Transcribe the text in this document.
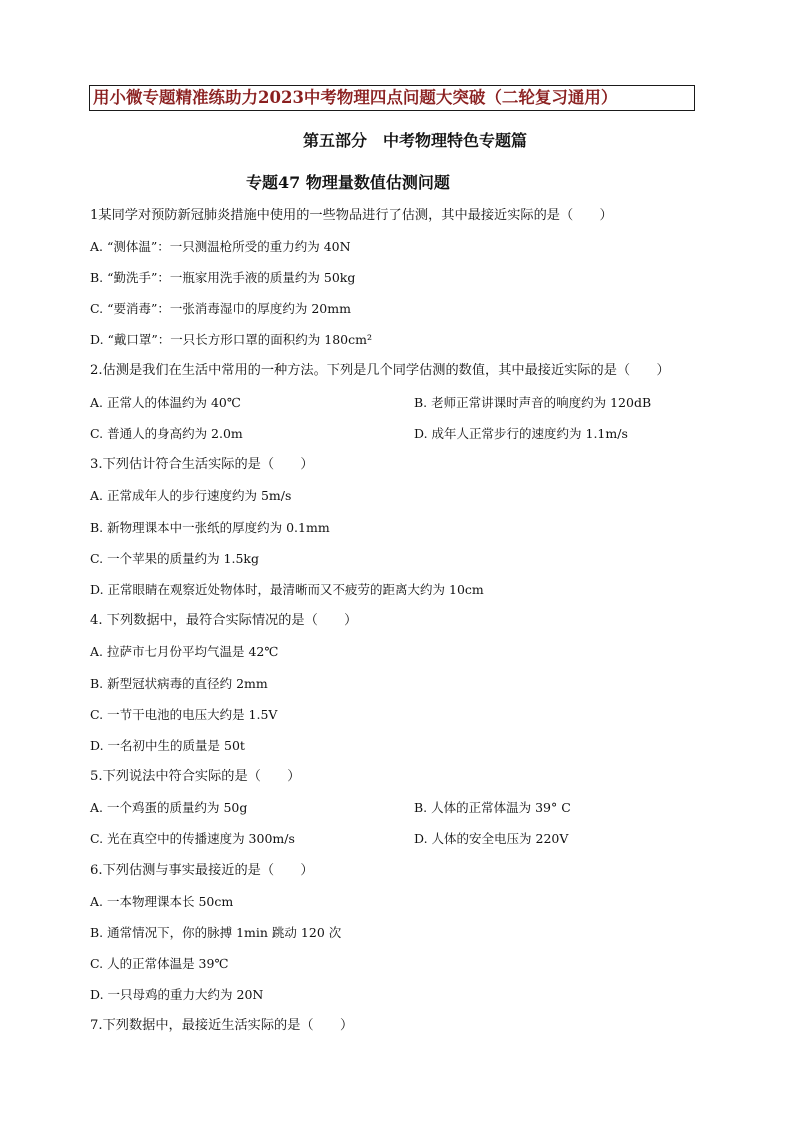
用小微专题精准练助力2023中考物理四点问题大突破（二轮复习通用）
第五部分　中考物理特色专题篇
专题47 物理量数值估测问题
1某同学对预防新冠肺炎措施中使用的一些物品进行了估测，其中最接近实际的是（　　）
A. “测体温”：一只测温枪所受的重力约为 40N
B. “勤洗手”：一瓶家用洗手液的质量约为 50kg
C. “要消毒”：一张消毒湿巾的厚度约为 20mm
D. “戴口罩”：一只长方形口罩的面积约为 180cm²
2.估测是我们在生活中常用的一种方法。下列是几个同学估测的数值，其中最接近实际的是（　　）
A. 正常人的体温约为 40℃	B. 老师正常讲课时声音的响度约为 120dB
C. 普通人的身高约为 2.0m	D. 成年人正常步行的速度约为 1.1m/s
3.下列估计符合生活实际的是（　　）
A. 正常成年人的步行速度约为 5m/s
B. 新物理课本中一张纸的厚度约为 0.1mm
C. 一个苹果的质量约为 1.5kg
D. 正常眼睛在观察近处物体时，最清晰而又不疲劳的距离大约为 10cm
4. 下列数据中，最符合实际情况的是（　　）
A. 拉萨市七月份平均气温是 42℃
B. 新型冠状病毒的直径约 2mm
C. 一节干电池的电压大约是 1.5V
D. 一名初中生的质量是 50t
5.下列说法中符合实际的是（　　）
A. 一个鸡蛋的质量约为 50g	B. 人体的正常体温为 39° C
C. 光在真空中的传播速度为 300m/s	D. 人体的安全电压为 220V
6.下列估测与事实最接近的是（　　）
A. 一本物理课本长 50cm
B. 通常情况下，你的脉搏 1min 跳动 120 次
C. 人的正常体温是 39℃
D. 一只母鸡的重力大约为 20N
7.下列数据中，最接近生活实际的是（　　）
